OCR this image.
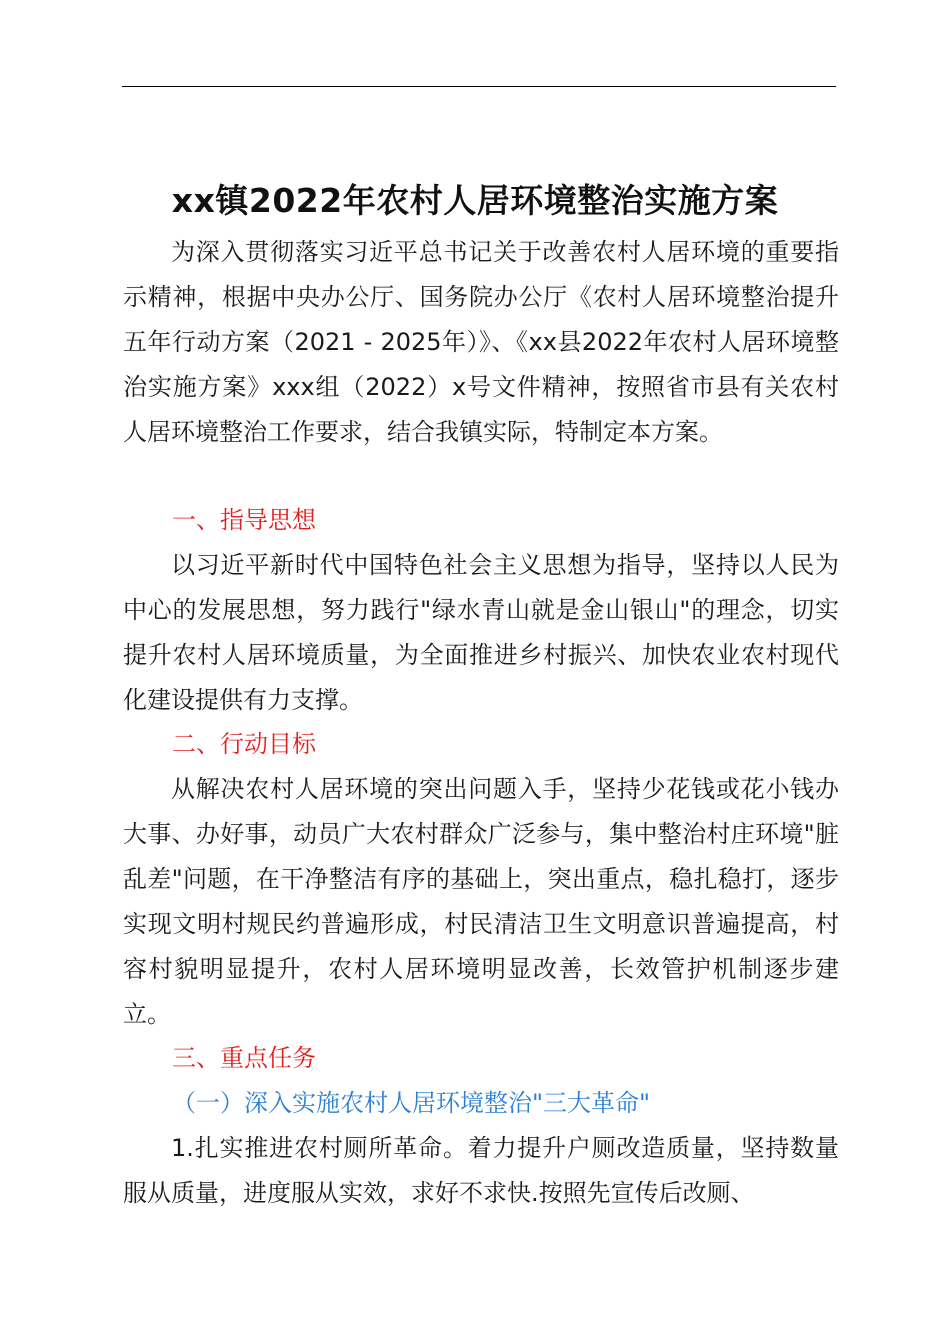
xx镇2022年农村人居环境整治实施方案

为深入贯彻落实习近平总书记关于改善农村人居环境的重要指示精神，根据中央办公厅、国务院办公厅《农村人居环境整治提升五年行动方案（2021 - 2025年）》、《xx县2022年农村人居环境整治实施方案》xxx组（2022）x号文件精神，按照省市县有关农村人居环境整治工作要求，结合我镇实际，特制定本方案。

一、指导思想

以习近平新时代中国特色社会主义思想为指导，坚持以人民为中心的发展思想，努力践行"绿水青山就是金山银山"的理念，切实提升农村人居环境质量，为全面推进乡村振兴、加快农业农村现代化建设提供有力支撑。

二、行动目标

从解决农村人居环境的突出问题入手，坚持少花钱或花小钱办大事、办好事，动员广大农村群众广泛参与，集中整治村庄环境"脏乱差"问题，在干净整洁有序的基础上，突出重点，稳扎稳打，逐步实现文明村规民约普遍形成，村民清洁卫生文明意识普遍提高，村容村貌明显提升，农村人居环境明显改善，长效管护机制逐步建立。

三、重点任务

（一）深入实施农村人居环境整治"三大革命"

1.扎实推进农村厕所革命。着力提升户厕改造质量，坚持数量服从质量，进度服从实效，求好不求快.按照先宣传后改厕、
